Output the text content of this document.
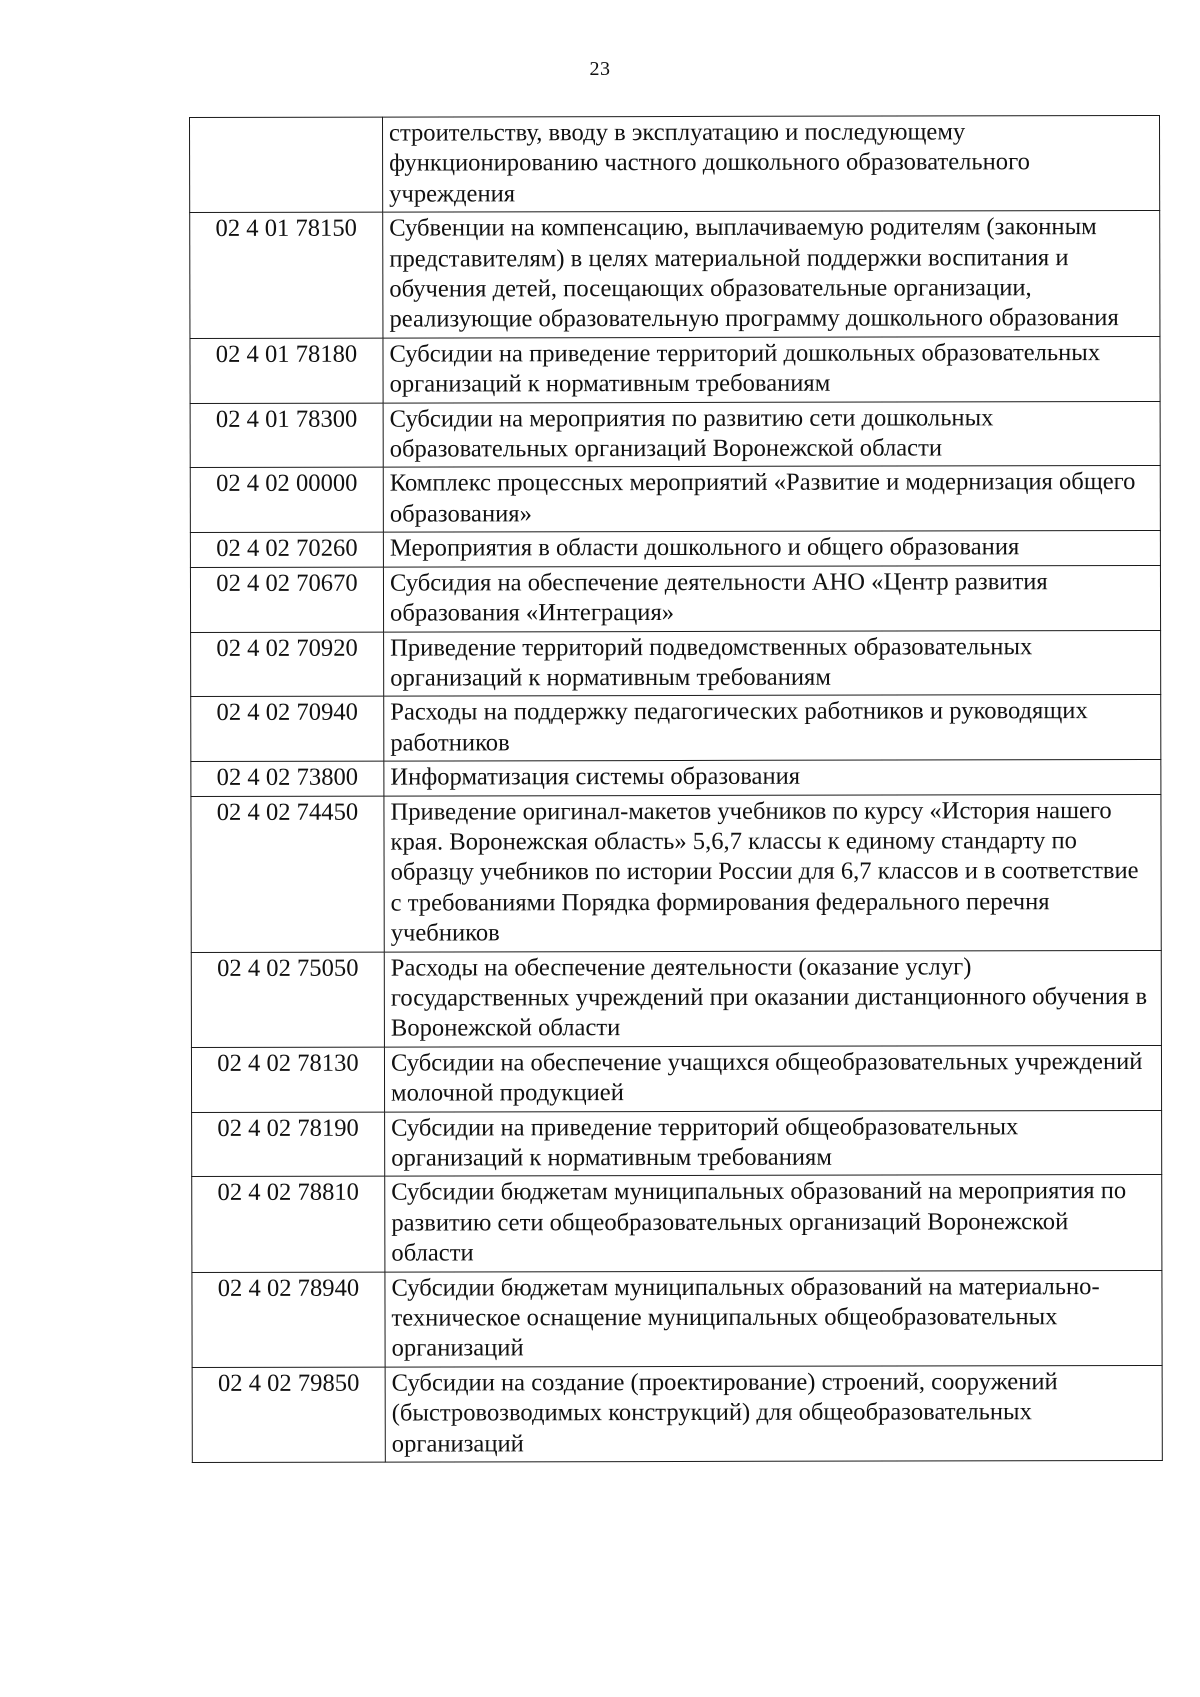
23
	строительству, вводу в эксплуатацию и последующему функционированию частного дошкольного образовательного учреждения
02 4 01 78150	Субвенции на компенсацию, выплачиваемую родителям (законным представителям) в целях материальной поддержки воспитания и обучения детей, посещающих образовательные организации, реализующие образовательную программу дошкольного образования
02 4 01 78180	Субсидии на приведение территорий дошкольных образовательных организаций к нормативным требованиям
02 4 01 78300	Субсидии на мероприятия по развитию сети дошкольных образовательных организаций Воронежской области
02 4 02 00000	Комплекс процессных мероприятий «Развитие и модернизация общего образования»
02 4 02 70260	Мероприятия в области дошкольного и общего образования
02 4 02 70670	Субсидия на обеспечение деятельности АНО «Центр развития образования «Интеграция»
02 4 02 70920	Приведение территорий подведомственных образовательных организаций к нормативным требованиям
02 4 02 70940	Расходы на поддержку педагогических работников и руководящих работников
02 4 02 73800	Информатизация системы образования
02 4 02 74450	Приведение оригинал-макетов учебников по курсу «История нашего края. Воронежская область» 5,6,7 классы к единому стандарту по образцу учебников по истории России для 6,7 классов и в соответствие с требованиями Порядка формирования федерального перечня учебников
02 4 02 75050	Расходы на обеспечение деятельности (оказание услуг) государственных учреждений при оказании дистанционного обучения в Воронежской области
02 4 02 78130	Субсидии на обеспечение учащихся общеобразовательных учреждений молочной продукцией
02 4 02 78190	Субсидии на приведение территорий общеобразовательных организаций к нормативным требованиям
02 4 02 78810	Субсидии бюджетам муниципальных образований на мероприятия по развитию сети общеобразовательных организаций Воронежской области
02 4 02 78940	Субсидии бюджетам муниципальных образований на материально-техническое оснащение муниципальных общеобразовательных организаций
02 4 02 79850	Субсидии на создание (проектирование) строений, сооружений (быстровозводимых конструкций) для общеобразовательных организаций
